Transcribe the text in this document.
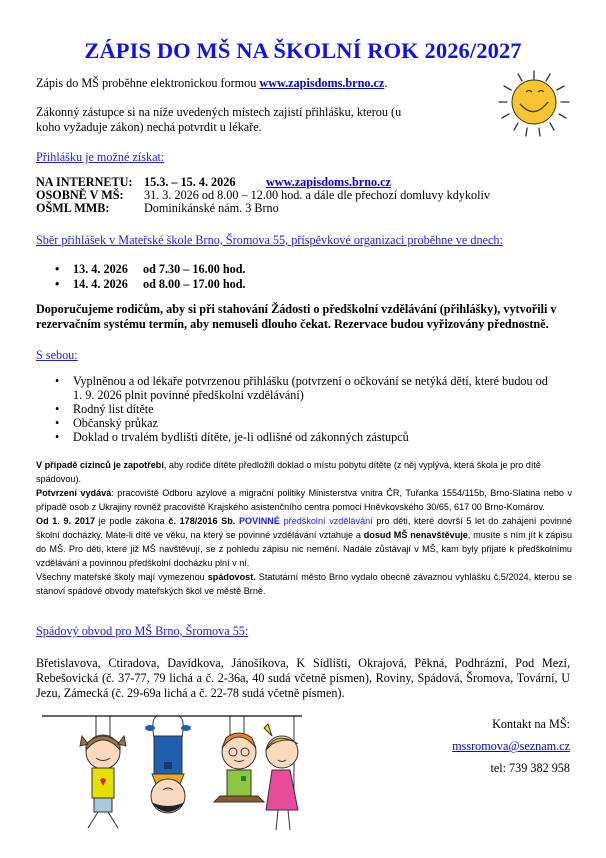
ZÁPIS DO MŠ NA ŠKOLNÍ ROK 2026/2027
Zápis do MŠ proběhne elektronickou formou www.zapisdoms.brno.cz.
Zákonný zástupce si na níže uvedených místech zajistí přihlášku, kterou (u koho vyžaduje zákon) nechá potvrdit u lékaře.
Přihlášku je možné získat:
NA INTERNETU: 15.3. – 15. 4. 2026	www.zapisdoms.brno.cz
OSOBNĚ V MŠ: 31. 3. 2026 od 8.00 – 12.00 hod. a dále dle přechozí domluvy kdykoliv
OŠML MMB:	Dominikánské nám. 3 Brno
Sběr přihlášek v Mateřské škole Brno, Šromova 55, příspěvkové organizaci proběhne ve dnech:
• 13. 4. 2026 od 7.30 – 16.00 hod.
• 14. 4. 2026 od 8.00 – 17.00 hod.
Doporučujeme rodičům, aby si při stahování Žádosti o předškolní vzdělávání (přihlášky), vytvořili v rezervačním systému termín, aby nemuseli dlouho čekat. Rezervace budou vyřizovány přednostně.
S sebou:
• Vyplněnou a od lékaře potvrzenou přihlášku (potvrzení o očkování se netýká dětí, které budou od 1. 9. 2026 plnit povinné předškolní vzdělávání)
• Rodný list dítěte
• Občanský průkaz
• Doklad o trvalém bydlišti dítěte, je-li odlišné od zákonných zástupců
V případě cizinců je zapotřebí, aby rodiče dítěte předložili doklad o místu pobytu dítěte (z něj vyplývá, která škola je pro dítě spádovou).
Potvrzení vydává: pracoviště Odboru azylové a migrační politiky Ministerstva vnitra ČR, Tuřanka 1554/115b, Brno-Slatina nebo v případě osob z Ukrajiny rovněž pracoviště Krajského asistenčního centra pomoci Hněvkovského 30/65, 617 00 Brno-Komárov.
Od 1. 9. 2017 je podle zákona č. 178/2016 Sb. POVINNÉ předškolní vzdělávání pro děti, které dovrší 5 let do zahájení povinné školní docházky. Máte-li dítě ve věku, na který se povinné vzdělávání vztahuje a dosud MŠ nenavštěvuje, musíte s ním jít k zápisu do MŠ. Pro děti, které již MŠ navštěvují, se z pohledu zápisu nic nemění. Nadále zůstávají v MŠ, kam byly přijaté k předškolnímu vzdělávání a povinnou předškolní docházku plní v ní.
Všechny mateřské školy mají vymezenou spádovost. Statutární město Brno vydalo obecně závaznou vyhlášku č.5/2024, kterou se stanoví spádové obvody mateřských škol ve městě Brně.
Spádový obvod pro MŠ Brno, Šromova 55:
Břetislavova, Ctiradova, Davídkova, Jánošíkova, K Sídlišti, Okrajová, Pěkná, Podhrázní, Pod Mezí, Rebešovická (č. 37-77, 79 lichá a č. 2-36a, 40 sudá včetně písmen), Roviny, Spádová, Šromova, Tovární, U Jezu, Zámecká (č. 29-69a lichá a č. 22-78 sudá včetně písmen).
Kontakt na MŠ:
mssromova@seznam.cz
tel: 739 382 958
